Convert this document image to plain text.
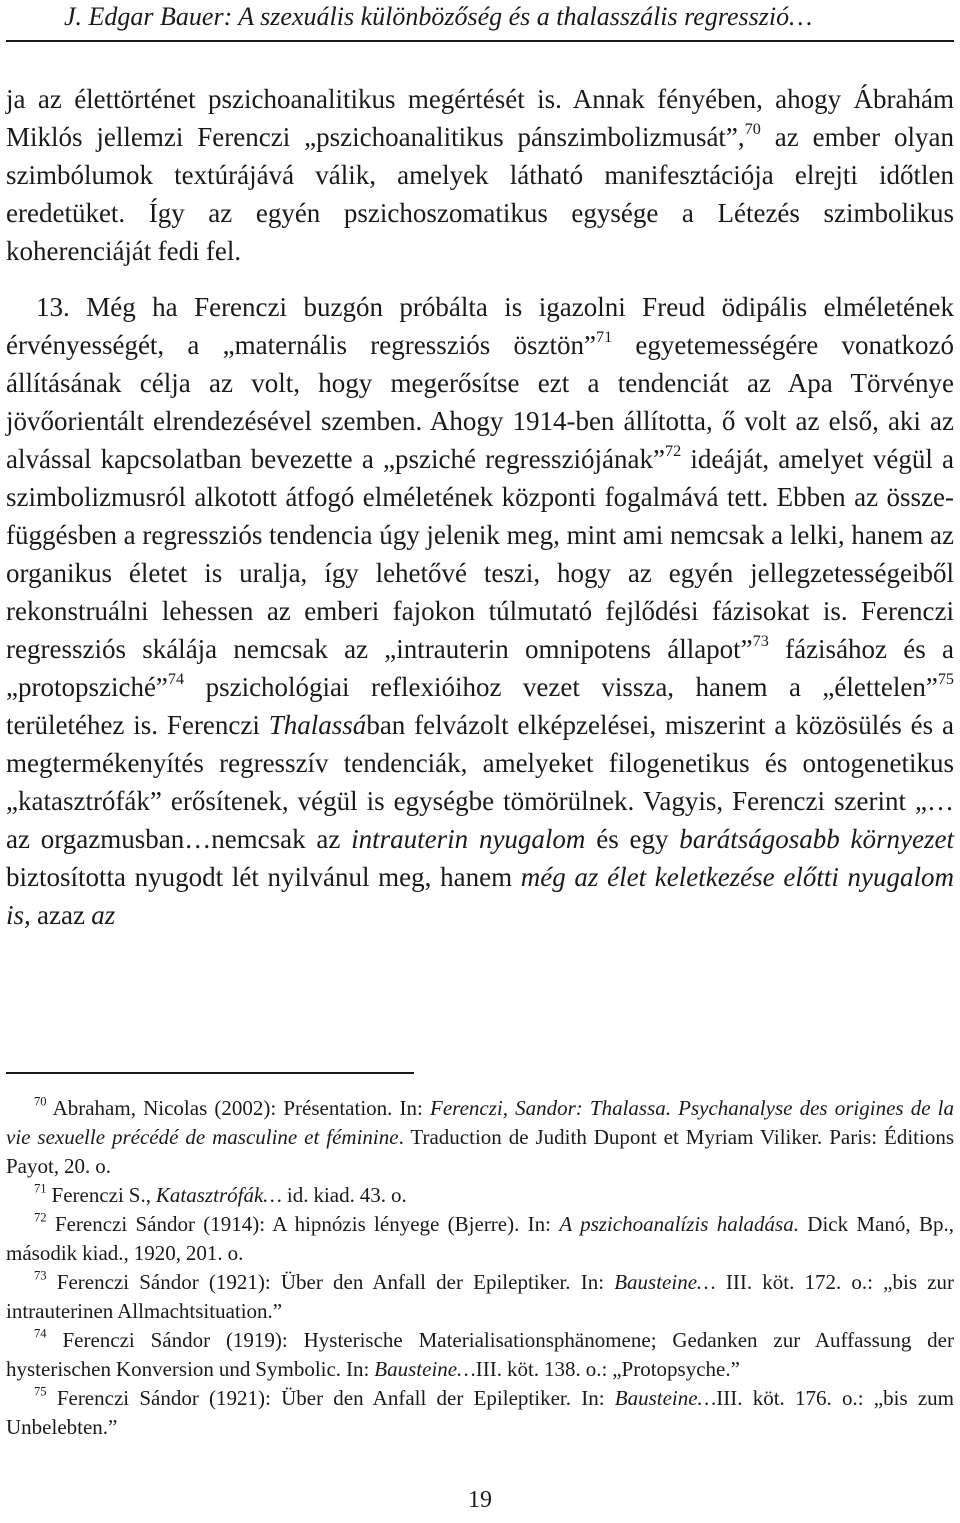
J. Edgar Bauer: A szexuális különbözőség és a thalasszális regresszió…

ja az élettörténet pszichoanalitikus megértését is. Annak fényében, ahogy Ábrahám Miklós jellemzi Ferenczi „pszichoanalitikus pánszimbolizmusát”,$^{70}$ az ember olyan szimbólumok textúrájává válik, amelyek látható manifesztációja elrejti időtlen eredetüket. Így az egyén pszichoszomatikus egysége a Létezés szimbolikus koherenciáját fedi fel.

13. Még ha Ferenczi buzgón próbálta is igazolni Freud ödipális elméletének érvényességét, a „maternális regressziós ösztön”$^{71}$ egyetemességére vonatkozó állításának célja az volt, hogy megerősítse ezt a tendenciát az Apa Törvénye jövőorientált elrendezésével szemben. Ahogy 1914-ben állította, ő volt az első, aki az alvással kapcsolatban bevezette a „psziché regressziójának”$^{72}$ ideáját, amelyet végül a szimbolizmusról alkotott átfogó elméletének központi fogalmává tett. Ebben az összefüggésben a regressziós tendencia úgy jelenik meg, mint ami nemcsak a lelki, hanem az organikus életet is uralja, így lehetővé teszi, hogy az egyén jellegzetességeiből rekonstruálni lehessen az emberi fajokon túlmutató fejlődési fázisokat is. Ferenczi regressziós skálája nemcsak az „intrauterin omnipotens állapot”$^{73}$ fázisához és a „protopsziché”$^{74}$ pszichológiai reflexióihoz vezet vissza, hanem a „élettelen”$^{75}$ területéhez is. Ferenczi Thalassában felvázolt elképzelései, miszerint a közösülés és a megtermékenyítés regresszív tendenciák, amelyeket filogenetikus és ontogenetikus „katasztrófák” erősítenek, végül is egységbe tömörülnek. Vagyis, Ferenczi szerint „… az orgazmusban…nemcsak az intrauterin nyugalom és egy barátságosabb környezet biztosította nyugodt lét nyilvánul meg, hanem még az élet keletkezése előtti nyugalom is, azaz az

$^{70}$ Abraham, Nicolas (2002): Présentation. In: Ferenczi, Sandor: Thalassa. Psychanalyse des origines de la vie sexuelle précédé de masculine et féminine. Traduction de Judith Dupont et Myriam Viliker. Paris: Éditions Payot, 20. o.

$^{71}$ Ferenczi S., Katasztrófák… id. kiad. 43. o.

$^{72}$ Ferenczi Sándor (1914): A hipnózis lényege (Bjerre). In: A pszichoanalízis haladása. Dick Manó, Bp., második kiad., 1920, 201. o.

$^{73}$ Ferenczi Sándor (1921): Über den Anfall der Epileptiker. In: Bausteine… III. köt. 172. o.: „bis zur intrauterinen Allmachtsituation.”

$^{74}$ Ferenczi Sándor (1919): Hysterische Materialisationsphänomene; Gedanken zur Auffassung der hysterischen Konversion und Symbolic. In: Bausteine…III. köt. 138. o.: „Protopsyche.”

$^{75}$ Ferenczi Sándor (1921): Über den Anfall der Epileptiker. In: Bausteine…III. köt. 176. o.: „bis zum Unbelebten.”

19
